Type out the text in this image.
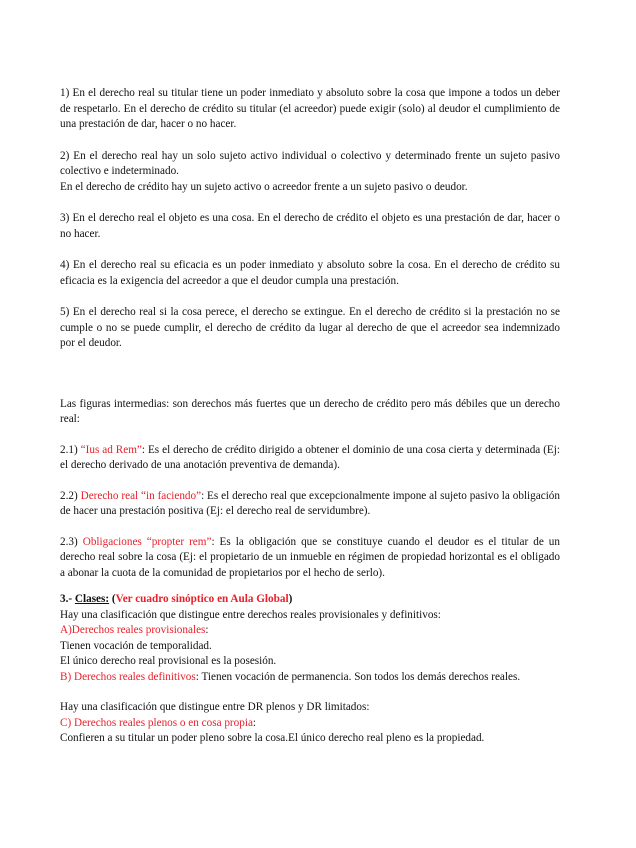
1) En el derecho real su titular tiene un poder inmediato y absoluto sobre la cosa que impone a todos un deber de respetarlo. En el derecho de crédito su titular (el acreedor) puede exigir (solo) al deudor el cumplimiento de una prestación de dar, hacer o no hacer.

2) En el derecho real hay un solo sujeto activo individual o colectivo y determinado frente un sujeto pasivo colectivo e indeterminado.

En el derecho de crédito hay un sujeto activo o acreedor frente a un sujeto pasivo o deudor.

3) En el derecho real el objeto es una cosa. En el derecho de crédito el objeto es una prestación de dar, hacer o no hacer.

4) En el derecho real su eficacia es un poder inmediato y absoluto sobre la cosa. En el derecho de crédito su eficacia es la exigencia del acreedor a que el deudor cumpla una prestación.

5) En el derecho real si la cosa perece, el derecho se extingue. En el derecho de crédito si la prestación no se cumple o no se puede cumplir, el derecho de crédito da lugar al derecho de que el acreedor sea indemnizado por el deudor.

Las figuras intermedias: son derechos más fuertes que un derecho de crédito pero más débiles que un derecho real:

2.1) “Ius ad Rem”: Es el derecho de crédito dirigido a obtener el dominio de una cosa cierta y determinada (Ej: el derecho derivado de una anotación preventiva de demanda).

2.2) Derecho real “in faciendo”: Es el derecho real que excepcionalmente impone al sujeto pasivo la obligación de hacer una prestación positiva (Ej: el derecho real de servidumbre).

2.3) Obligaciones “propter rem”: Es la obligación que se constituye cuando el deudor es el titular de un derecho real sobre la cosa (Ej: el propietario de un inmueble en régimen de propiedad horizontal es el obligado a abonar la cuota de la comunidad de propietarios por el hecho de serlo).

3.- Clases: (Ver cuadro sinóptico en Aula Global)

Hay una clasificación que distingue entre derechos reales provisionales y definitivos:

A)Derechos reales provisionales:

Tienen vocación de temporalidad.

El único derecho real provisional es la posesión.

B) Derechos reales definitivos: Tienen vocación de permanencia. Son todos los demás derechos reales.

Hay una clasificación que distingue entre DR plenos y DR limitados:

C) Derechos reales plenos o en cosa propia:

Confieren a su titular un poder pleno sobre la cosa.El único derecho real pleno es la propiedad.
